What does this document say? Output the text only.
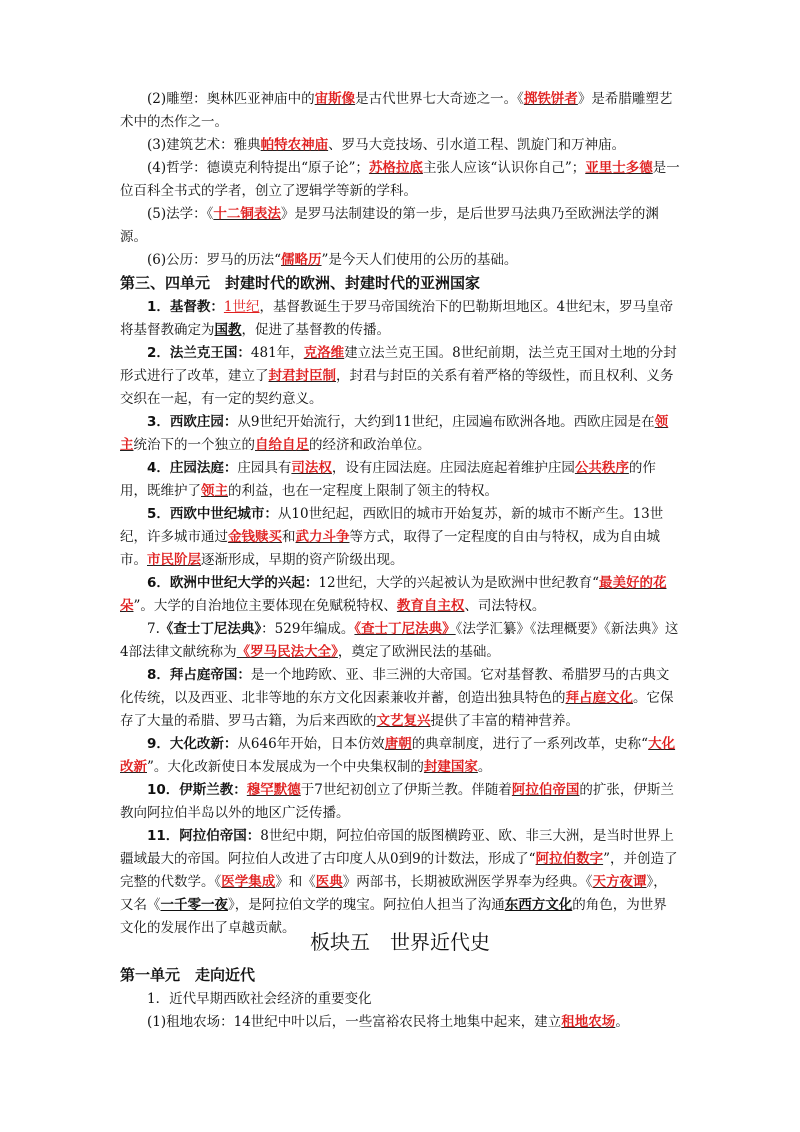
(2)雕塑：奥林匹亚神庙中的宙斯像是古代世界七大奇迹之一。《掷铁饼者》是希腊雕塑艺术中的杰作之一。

(3)建筑艺术：雅典帕特农神庙、罗马大竞技场、引水道工程、凯旋门和万神庙。

(4)哲学：德谟克利特提出“原子论”；苏格拉底主张人应该“认识你自己”；亚里士多德是一位百科全书式的学者，创立了逻辑学等新的学科。

(5)法学：《十二铜表法》是罗马法制建设的第一步，是后世罗马法典乃至欧洲法学的渊源。

(6)公历：罗马的历法“儒略历”是今天人们使用的公历的基础。

第三、四单元　封建时代的欧洲、封建时代的亚洲国家

1．基督教：1世纪，基督教诞生于罗马帝国统治下的巴勒斯坦地区。4世纪末，罗马皇帝将基督教确定为国教，促进了基督教的传播。

2．法兰克王国：481年，克洛维建立法兰克王国。8世纪前期，法兰克王国对土地的分封形式进行了改革，建立了封君封臣制，封君与封臣的关系有着严格的等级性，而且权利、义务交织在一起，有一定的契约意义。

3．西欧庄园：从9世纪开始流行，大约到11世纪，庄园遍布欧洲各地。西欧庄园是在领主统治下的一个独立的自给自足的经济和政治单位。

4．庄园法庭：庄园具有司法权，设有庄园法庭。庄园法庭起着维护庄园公共秩序的作用，既维护了领主的利益，也在一定程度上限制了领主的特权。

5．西欧中世纪城市：从10世纪起，西欧旧的城市开始复苏，新的城市不断产生。13世纪，许多城市通过金钱赎买和武力斗争等方式，取得了一定程度的自由与特权，成为自由城市。市民阶层逐渐形成，早期的资产阶级出现。

6．欧洲中世纪大学的兴起：12世纪，大学的兴起被认为是欧洲中世纪教育“最美好的花朵”。大学的自治地位主要体现在免赋税特权、教育自主权、司法特权。

7.《查士丁尼法典》：529年编成。《查士丁尼法典》《法学汇纂》《法理概要》《新法典》这4部法律文献统称为《罗马民法大全》，奠定了欧洲民法的基础。

8．拜占庭帝国：是一个地跨欧、亚、非三洲的大帝国。它对基督教、希腊罗马的古典文化传统，以及西亚、北非等地的东方文化因素兼收并蓄，创造出独具特色的拜占庭文化。它保存了大量的希腊、罗马古籍，为后来西欧的文艺复兴提供了丰富的精神营养。

9．大化改新：从646年开始，日本仿效唐朝的典章制度，进行了一系列改革，史称“大化改新”。大化改新使日本发展成为一个中央集权制的封建国家。

10．伊斯兰教：穆罕默德于7世纪初创立了伊斯兰教。伴随着阿拉伯帝国的扩张，伊斯兰教向阿拉伯半岛以外的地区广泛传播。

11．阿拉伯帝国：8世纪中期，阿拉伯帝国的版图横跨亚、欧、非三大洲，是当时世界上疆域最大的帝国。阿拉伯人改进了古印度人从0到9的计数法，形成了“阿拉伯数字”，并创造了完整的代数学。《医学集成》和《医典》两部书，长期被欧洲医学界奉为经典。《天方夜谭》，又名《一千零一夜》，是阿拉伯文学的瑰宝。阿拉伯人担当了沟通东西方文化的角色，为世界文化的发展作出了卓越贡献。

板块五 世界近代史
第一单元　走向近代
1．近代早期西欧社会经济的重要变化

(1)租地农场：14世纪中叶以后，一些富裕农民将土地集中起来，建立租地农场。
